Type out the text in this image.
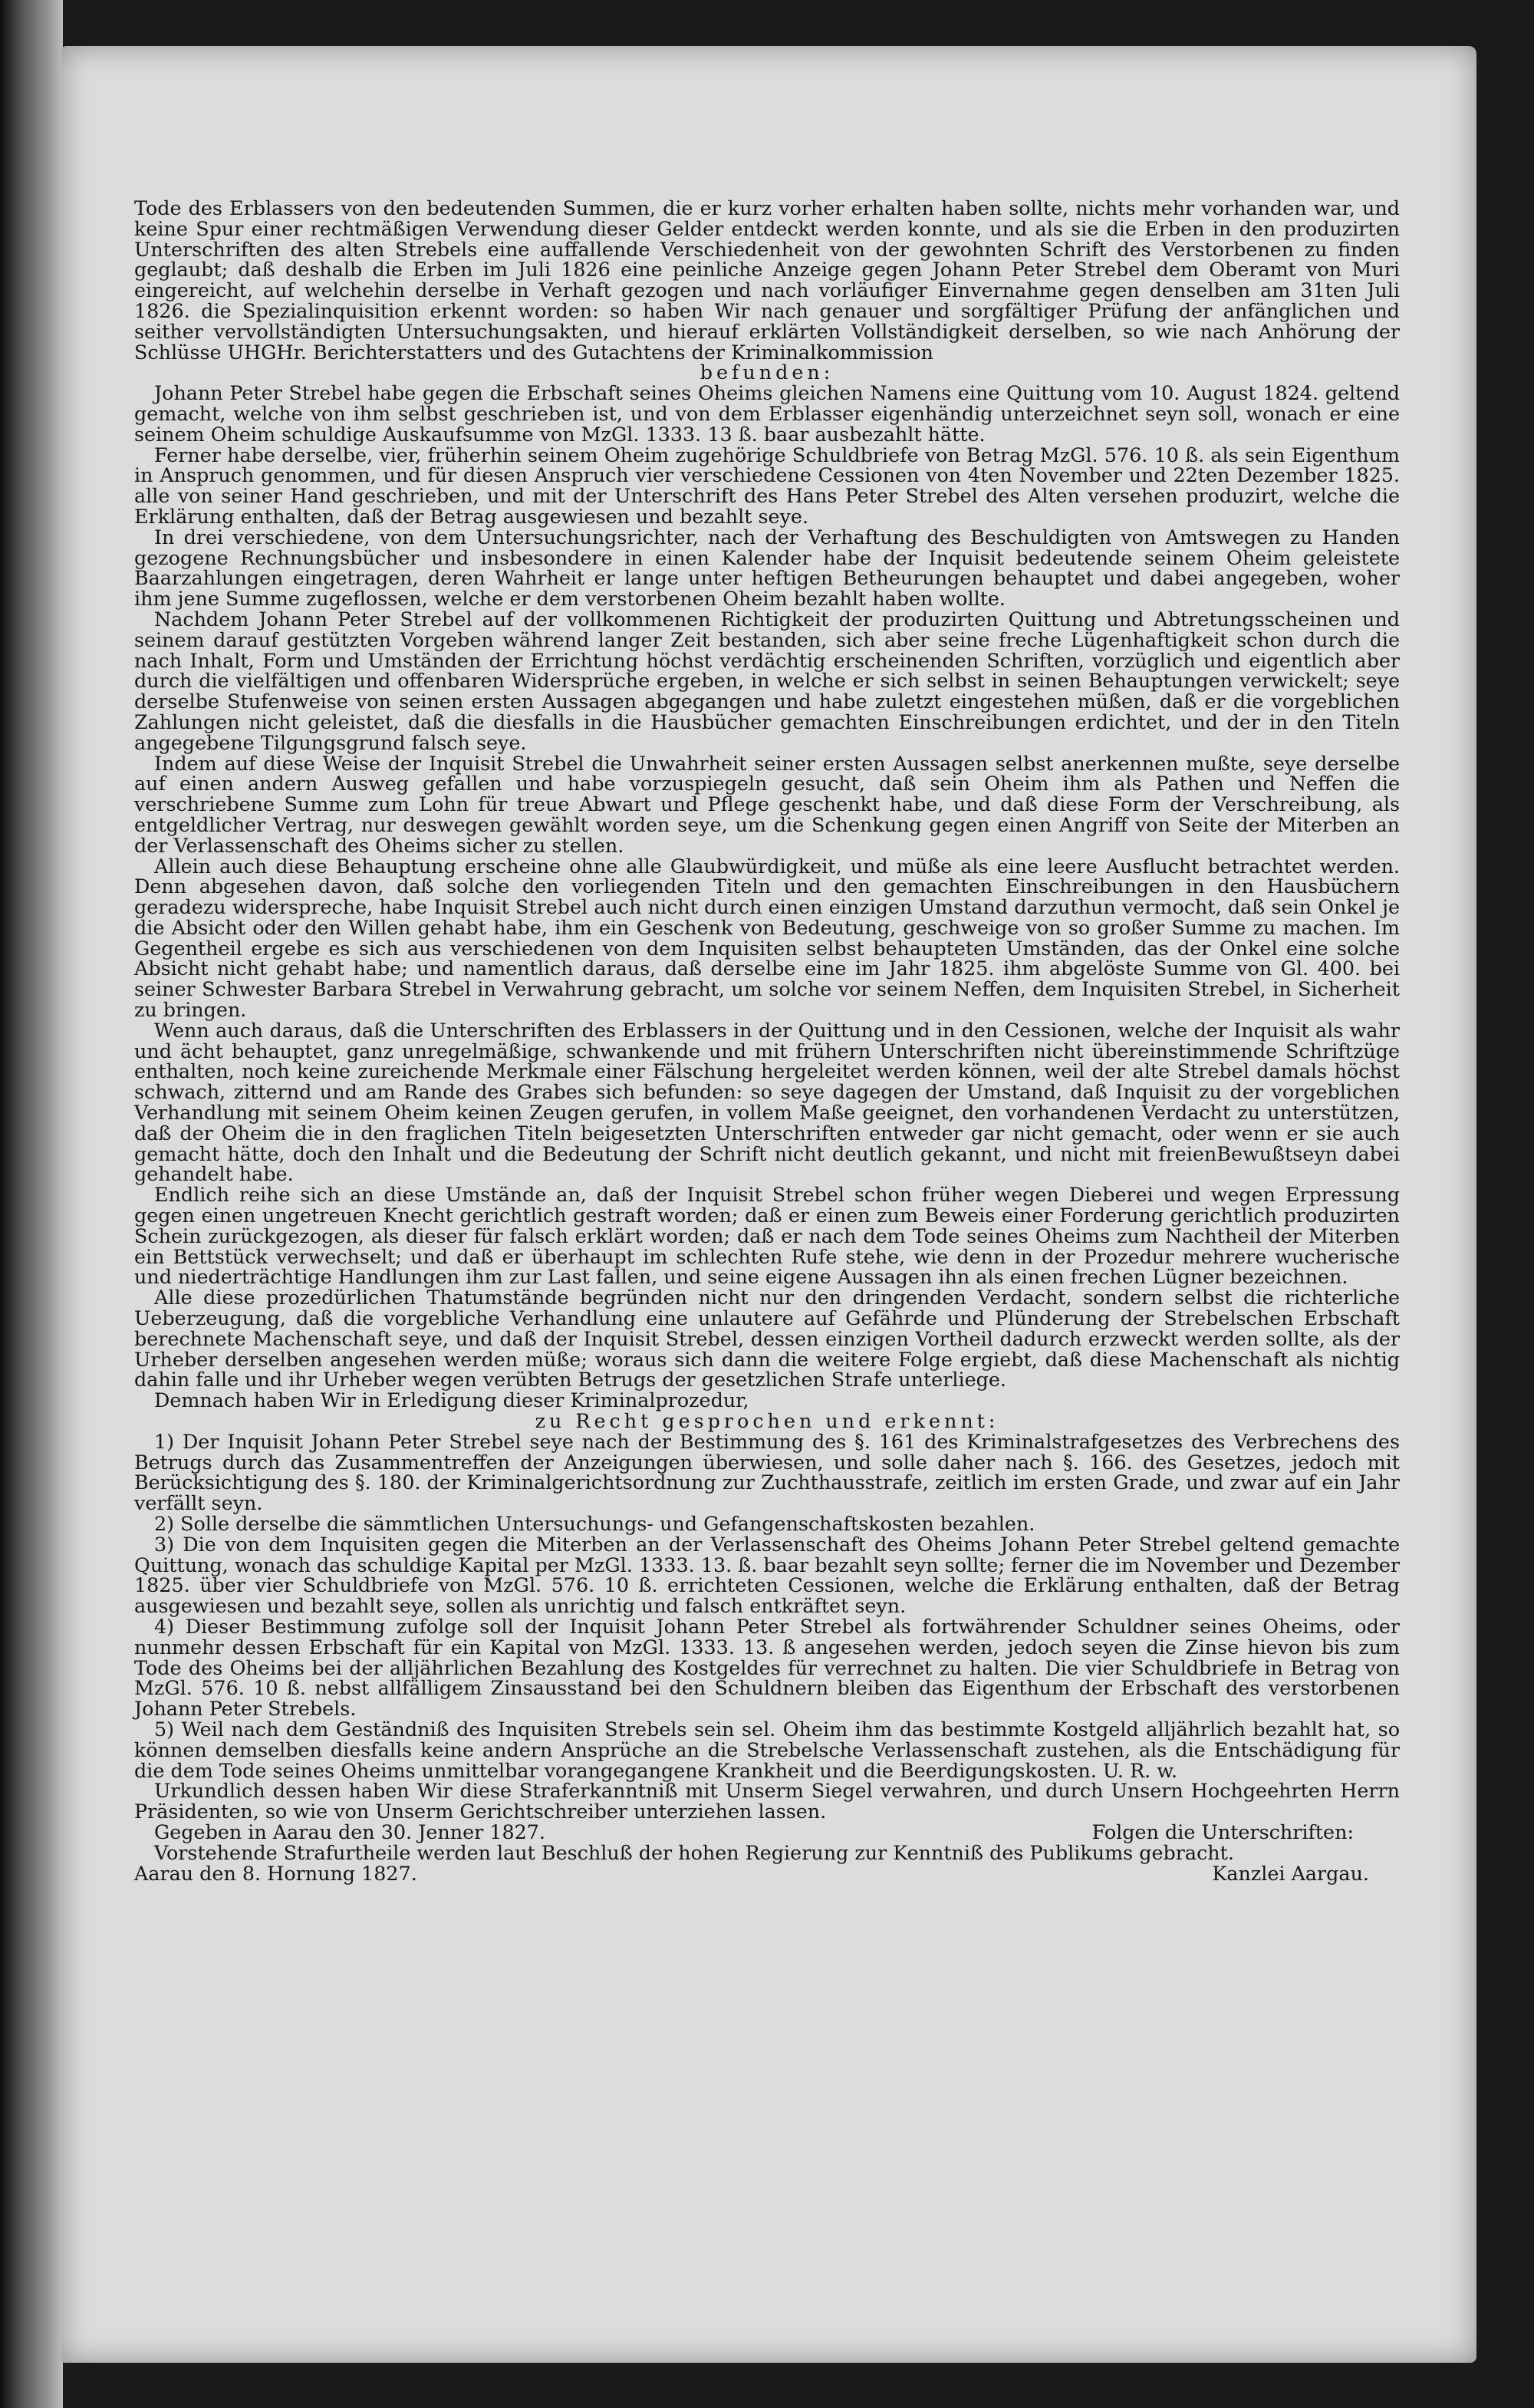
Tode des Erblassers von den bedeutenden Summen, die er kurz vorher erhalten haben sollte, nichts mehr vorhanden war, und keine Spur einer rechtmäßigen Verwendung dieser Gelder entdeckt werden konnte, und als sie die Erben in den produzirten Unterschriften des alten Strebels eine auffallende Verschiedenheit von der gewohnten Schrift des Verstorbenen zu finden geglaubt; daß deshalb die Erben im Juli 1826 eine peinliche Anzeige gegen Johann Peter Strebel dem Oberamt von Muri eingereicht, auf welchehin derselbe in Verhaft gezogen und nach vorläufiger Einvernahme gegen denselben am 31ten Juli 1826. die Spezialinquisition erkennt worden: so haben Wir nach genauer und sorgfältiger Prüfung der anfänglichen und seither vervollständigten Untersuchungsakten, und hierauf erklärten Vollständigkeit derselben, so wie nach Anhörung der Schlüsse UHGHr. Berichterstatters und des Gutachtens der Kriminalkommission

befunden:

Johann Peter Strebel habe gegen die Erbschaft seines Oheims gleichen Namens eine Quittung vom 10. August 1824. geltend gemacht, welche von ihm selbst geschrieben ist, und von dem Erblasser eigenhändig unterzeichnet seyn soll, wonach er eine seinem Oheim schuldige Auskaufsumme von MzGl. 1333. 13 ß. baar ausbezahlt hätte.

Ferner habe derselbe, vier, früherhin seinem Oheim zugehörige Schuldbriefe von Betrag MzGl. 576. 10 ß. als sein Eigenthum in Anspruch genommen, und für diesen Anspruch vier verschiedene Cessionen von 4ten November und 22ten Dezember 1825. alle von seiner Hand geschrieben, und mit der Unterschrift des Hans Peter Strebel des Alten versehen produzirt, welche die Erklärung enthalten, daß der Betrag ausgewiesen und bezahlt seye.

In drei verschiedene, von dem Untersuchungsrichter, nach der Verhaftung des Beschuldigten von Amtswegen zu Handen gezogene Rechnungsbücher und insbesondere in einen Kalender habe der Inquisit bedeutende seinem Oheim geleistete Baarzahlungen eingetragen, deren Wahrheit er lange unter heftigen Betheurungen behauptet und dabei angegeben, woher ihm jene Summe zugeflossen, welche er dem verstorbenen Oheim bezahlt haben wollte.

Nachdem Johann Peter Strebel auf der vollkommenen Richtigkeit der produzirten Quittung und Abtretungsscheinen und seinem darauf gestützten Vorgeben während langer Zeit bestanden, sich aber seine freche Lügenhaftigkeit schon durch die nach Inhalt, Form und Umständen der Errichtung höchst verdächtig erscheinenden Schriften, vorzüglich und eigentlich aber durch die vielfältigen und offenbaren Widersprüche ergeben, in welche er sich selbst in seinen Behauptungen verwickelt; seye derselbe Stufenweise von seinen ersten Aussagen abgegangen und habe zuletzt eingestehen müßen, daß er die vorgeblichen Zahlungen nicht geleistet, daß die diesfalls in die Hausbücher gemachten Einschreibungen erdichtet, und der in den Titeln angegebene Tilgungsgrund falsch seye.

Indem auf diese Weise der Inquisit Strebel die Unwahrheit seiner ersten Aussagen selbst anerkennen mußte, seye derselbe auf einen andern Ausweg gefallen und habe vorzuspiegeln gesucht, daß sein Oheim ihm als Pathen und Neffen die verschriebene Summe zum Lohn für treue Abwart und Pflege geschenkt habe, und daß diese Form der Verschreibung, als entgeldlicher Vertrag, nur deswegen gewählt worden seye, um die Schenkung gegen einen Angriff von Seite der Miterben an der Verlassenschaft des Oheims sicher zu stellen.

Allein auch diese Behauptung erscheine ohne alle Glaubwürdigkeit, und müße als eine leere Ausflucht betrachtet werden. Denn abgesehen davon, daß solche den vorliegenden Titeln und den gemachten Einschreibungen in den Hausbüchern geradezu widerspreche, habe Inquisit Strebel auch nicht durch einen einzigen Umstand darzuthun vermocht, daß sein Onkel je die Absicht oder den Willen gehabt habe, ihm ein Geschenk von Bedeutung, geschweige von so großer Summe zu machen. Im Gegentheil ergebe es sich aus verschiedenen von dem Inquisiten selbst behaupteten Umständen, das der Onkel eine solche Absicht nicht gehabt habe; und namentlich daraus, daß derselbe eine im Jahr 1825. ihm abgelöste Summe von Gl. 400. bei seiner Schwester Barbara Strebel in Verwahrung gebracht, um solche vor seinem Neffen, dem Inquisiten Strebel, in Sicherheit zu bringen.

Wenn auch daraus, daß die Unterschriften des Erblassers in der Quittung und in den Cessionen, welche der Inquisit als wahr und ächt behauptet, ganz unregelmäßige, schwankende und mit frühern Unterschriften nicht übereinstimmende Schriftzüge enthalten, noch keine zureichende Merkmale einer Fälschung hergeleitet werden können, weil der alte Strebel damals höchst schwach, zitternd und am Rande des Grabes sich befunden: so seye dagegen der Umstand, daß Inquisit zu der vorgeblichen Verhandlung mit seinem Oheim keinen Zeugen gerufen, in vollem Maße geeignet, den vorhandenen Verdacht zu unterstützen, daß der Oheim die in den fraglichen Titeln beigesetzten Unterschriften entweder gar nicht gemacht, oder wenn er sie auch gemacht hätte, doch den Inhalt und die Bedeutung der Schrift nicht deutlich gekannt, und nicht mit freienBewußtseyn dabei gehandelt habe.

Endlich reihe sich an diese Umstände an, daß der Inquisit Strebel schon früher wegen Dieberei und wegen Erpressung gegen einen ungetreuen Knecht gerichtlich gestraft worden; daß er einen zum Beweis einer Forderung gerichtlich produzirten Schein zurückgezogen, als dieser für falsch erklärt worden; daß er nach dem Tode seines Oheims zum Nachtheil der Miterben ein Bettstück verwechselt; und daß er überhaupt im schlechten Rufe stehe, wie denn in der Prozedur mehrere wucherische und niederträchtige Handlungen ihm zur Last fallen, und seine eigene Aussagen ihn als einen frechen Lügner bezeichnen.

Alle diese prozedürlichen Thatumstände begründen nicht nur den dringenden Verdacht, sondern selbst die richterliche Ueberzeugung, daß die vorgebliche Verhandlung eine unlautere auf Gefährde und Plünderung der Strebelschen Erbschaft berechnete Machenschaft seye, und daß der Inquisit Strebel, dessen einzigen Vortheil dadurch erzweckt werden sollte, als der Urheber derselben angesehen werden müße; woraus sich dann die weitere Folge ergiebt, daß diese Machenschaft als nichtig dahin falle und ihr Urheber wegen verübten Betrugs der gesetzlichen Strafe unterliege.

Demnach haben Wir in Erledigung dieser Kriminalprozedur,

zu Recht gesprochen und erkennt:

1) Der Inquisit Johann Peter Strebel seye nach der Bestimmung des §. 161 des Kriminalstrafgesetzes des Verbrechens des Betrugs durch das Zusammentreffen der Anzeigungen überwiesen, und solle daher nach §. 166. des Gesetzes, jedoch mit Berücksichtigung des §. 180. der Kriminalgerichtsordnung zur Zuchthausstrafe, zeitlich im ersten Grade, und zwar auf ein Jahr verfällt seyn.

2) Solle derselbe die sämmtlichen Untersuchungs- und Gefangenschaftskosten bezahlen.

3) Die von dem Inquisiten gegen die Miterben an der Verlassenschaft des Oheims Johann Peter Strebel geltend gemachte Quittung, wonach das schuldige Kapital per MzGl. 1333. 13. ß. baar bezahlt seyn sollte; ferner die im November und Dezember 1825. über vier Schuldbriefe von MzGl. 576. 10 ß. errichteten Cessionen, welche die Erklärung enthalten, daß der Betrag ausgewiesen und bezahlt seye, sollen als unrichtig und falsch entkräftet seyn.

4) Dieser Bestimmung zufolge soll der Inquisit Johann Peter Strebel als fortwährender Schuldner seines Oheims, oder nunmehr dessen Erbschaft für ein Kapital von MzGl. 1333. 13. ß angesehen werden, jedoch seyen die Zinse hievon bis zum Tode des Oheims bei der alljährlichen Bezahlung des Kostgeldes für verrechnet zu halten. Die vier Schuldbriefe in Betrag von MzGl. 576. 10 ß. nebst allfälligem Zinsausstand bei den Schuldnern bleiben das Eigenthum der Erbschaft des verstorbenen Johann Peter Strebels.

5) Weil nach dem Geständniß des Inquisiten Strebels sein sel. Oheim ihm das bestimmte Kostgeld alljährlich bezahlt hat, so können demselben diesfalls keine andern Ansprüche an die Strebelsche Verlassenschaft zustehen, als die Entschädigung für die dem Tode seines Oheims unmittelbar vorangegangene Krankheit und die Beerdigungskosten. U. R. w.

Urkundlich dessen haben Wir diese Straferkanntniß mit Unserm Siegel verwahren, und durch Unsern Hochgeehrten Herrn Präsidenten, so wie von Unserm Gerichtschreiber unterziehen lassen.

Gegeben in Aarau den 30. Jenner 1827.	Folgen die Unterschriften:

Vorstehende Strafurtheile werden laut Beschluß der hohen Regierung zur Kenntniß des Publikums gebracht.

Aarau den 8. Hornung 1827.	Kanzlei Aargau.
